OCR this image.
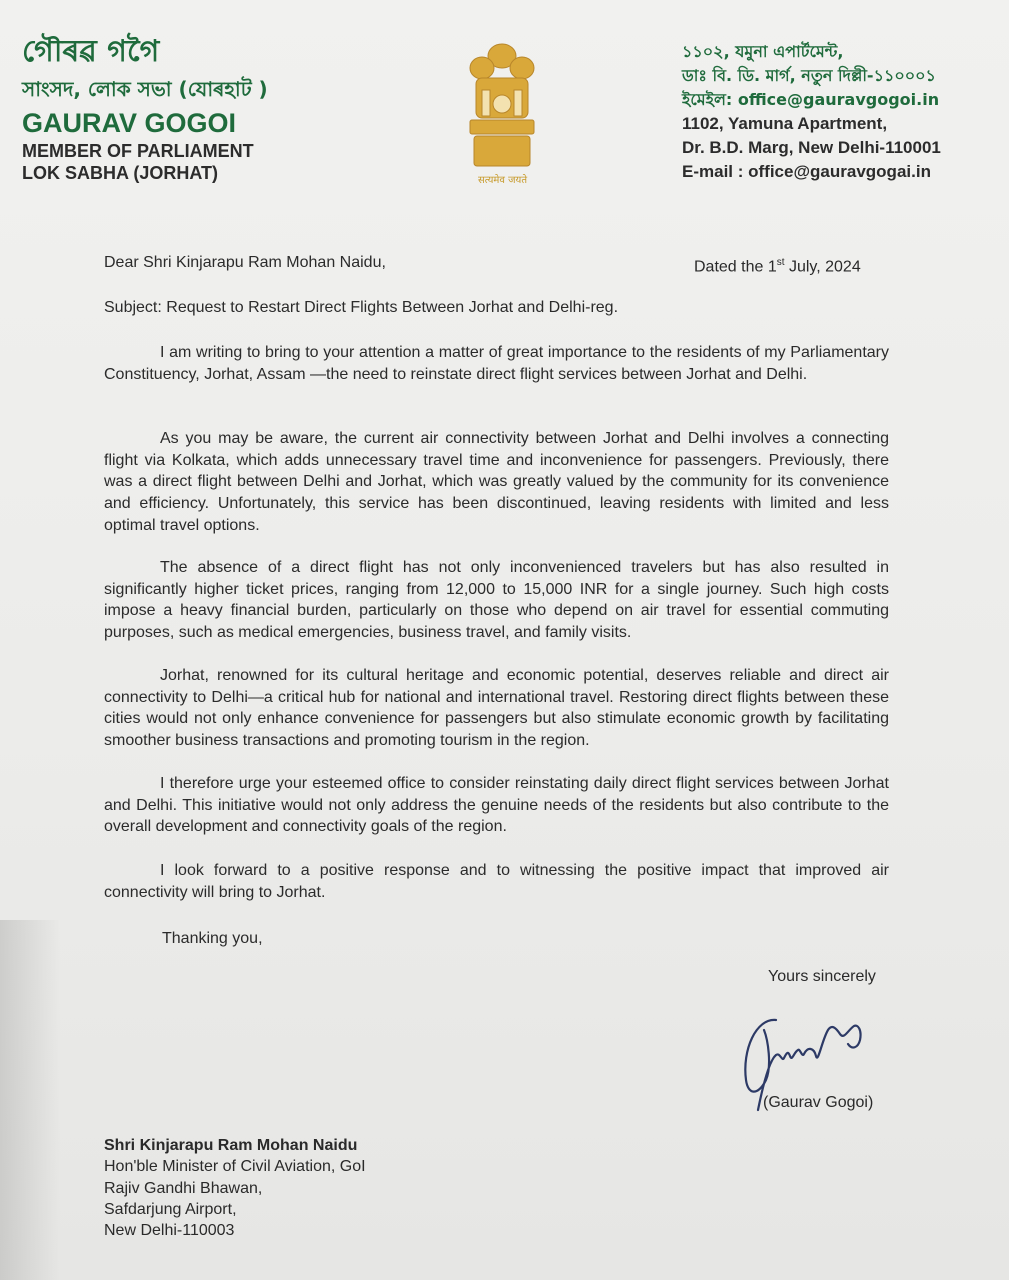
গৌৰৱ গগৈ
সাংসদ, লোক সভা (যোৰহাট )
GAURAV GOGOI
MEMBER OF PARLIAMENT
LOK SABHA (JORHAT)	सत्यमेव जयते
১১০২, যমুনা এপাৰ্টমেন্ট,
ডাঃ বি. ডি. মাৰ্গ, নতুন দিল্লী-১১০০০১
ইমেইল: office@gauravgogoi.in
1102, Yamuna Apartment,
Dr. B.D. Marg, New Delhi-110001
E-mail : office@gauravgogai.in
Dear Shri Kinjarapu Ram Mohan Naidu,	Dated the 1st July, 2024
Subject: Request to Restart Direct Flights Between Jorhat and Delhi-reg.
I am writing to bring to your attention a matter of great importance to the residents of my Parliamentary Constituency, Jorhat, Assam —the need to reinstate direct flight services between Jorhat and Delhi.
As you may be aware, the current air connectivity between Jorhat and Delhi involves a connecting flight via Kolkata, which adds unnecessary travel time and inconvenience for passengers. Previously, there was a direct flight between Delhi and Jorhat, which was greatly valued by the community for its convenience and efficiency. Unfortunately, this service has been discontinued, leaving residents with limited and less optimal travel options.
The absence of a direct flight has not only inconvenienced travelers but has also resulted in significantly higher ticket prices, ranging from 12,000 to 15,000 INR for a single journey. Such high costs impose a heavy financial burden, particularly on those who depend on air travel for essential commuting purposes, such as medical emergencies, business travel, and family visits.
Jorhat, renowned for its cultural heritage and economic potential, deserves reliable and direct air connectivity to Delhi—a critical hub for national and international travel. Restoring direct flights between these cities would not only enhance convenience for passengers but also stimulate economic growth by facilitating smoother business transactions and promoting tourism in the region.
I therefore urge your esteemed office to consider reinstating daily direct flight services between Jorhat and Delhi. This initiative would not only address the genuine needs of the residents but also contribute to the overall development and connectivity goals of the region.
I look forward to a positive response and to witnessing the positive impact that improved air connectivity will bring to Jorhat.
Thanking you,
Yours sincerely
(Gaurav Gogoi)
Shri Kinjarapu Ram Mohan Naidu
Hon'ble Minister of Civil Aviation, GoI
Rajiv Gandhi Bhawan,
Safdarjung Airport,
New Delhi-110003
